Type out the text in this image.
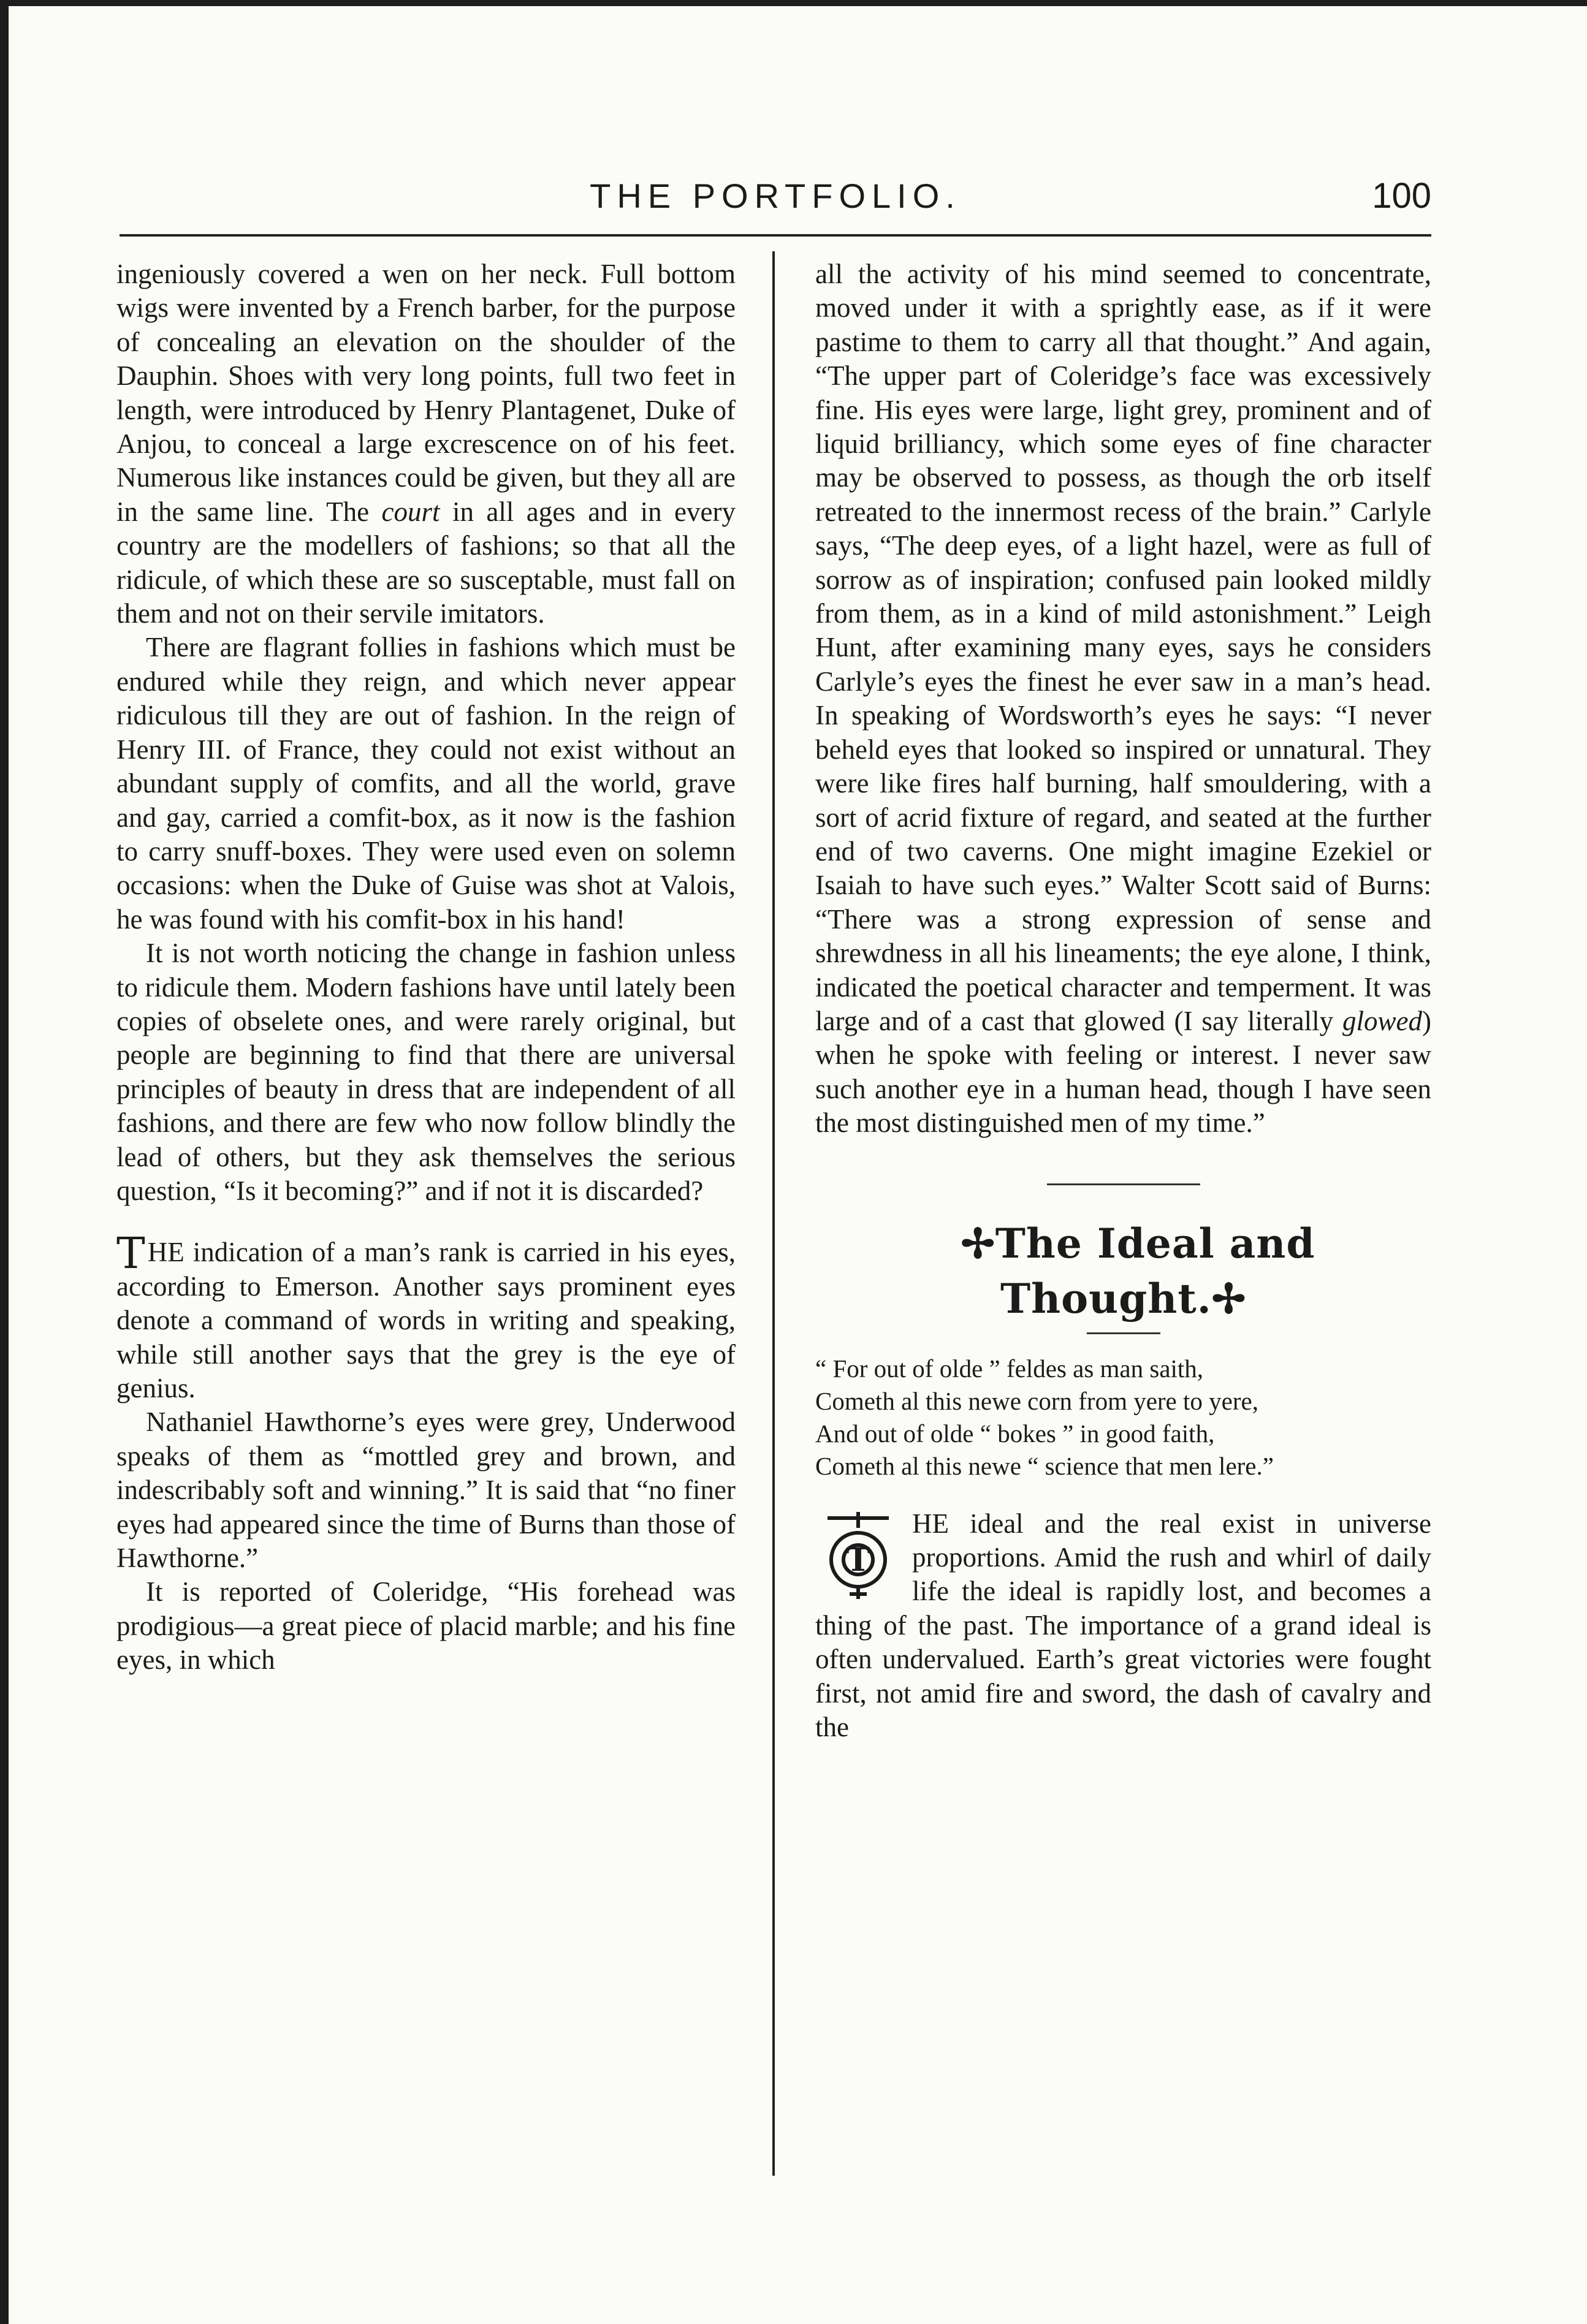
THE PORTFOLIO.	100

ingeniously covered a wen on her neck. Full bottom wigs were invented by a French barber, for the purpose of concealing an elevation on the shoulder of the Dauphin. Shoes with very long points, full two feet in length, were introduced by Henry Plantagenet, Duke of Anjou, to conceal a large excrescence on of his feet. Numerous like instances could be given, but they all are in the same line. The court in all ages and in every country are the modellers of fashions; so that all the ridicule, of which these are so susceptable, must fall on them and not on their servile imitators.

There are flagrant follies in fashions which must be endured while they reign, and which never appear ridiculous till they are out of fashion. In the reign of Henry III. of France, they could not exist without an abundant supply of comfits, and all the world, grave and gay, carried a comfit-box, as it now is the fashion to carry snuff-boxes. They were used even on solemn occasions: when the Duke of Guise was shot at Valois, he was found with his comfit-box in his hand!

It is not worth noticing the change in fashion unless to ridicule them. Modern fashions have until lately been copies of obselete ones, and were rarely original, but people are beginning to find that there are universal principles of beauty in dress that are independent of all fashions, and there are few who now follow blindly the lead of others, but they ask themselves the serious question, “Is it becoming?” and if not it is discarded?

THE indication of a man’s rank is carried in his eyes, according to Emerson. Another says prominent eyes denote a command of words in writing and speaking, while still another says that the grey is the eye of genius.

Nathaniel Hawthorne’s eyes were grey, Underwood speaks of them as “mottled grey and brown, and indescribably soft and winning.” It is said that “no finer eyes had appeared since the time of Burns than those of Hawthorne.”

It is reported of Coleridge, “His forehead was prodigious—a great piece of placid marble; and his fine eyes, in which

all the activity of his mind seemed to concentrate, moved under it with a sprightly ease, as if it were pastime to them to carry all that thought.” And again, “The upper part of Coleridge’s face was excessively fine. His eyes were large, light grey, prominent and of liquid brilliancy, which some eyes of fine character may be observed to possess, as though the orb itself retreated to the innermost recess of the brain.” Carlyle says, “The deep eyes, of a light hazel, were as full of sorrow as of inspiration; confused pain looked mildly from them, as in a kind of mild astonishment.” Leigh Hunt, after examining many eyes, says he considers Carlyle’s eyes the finest he ever saw in a man’s head. In speaking of Wordsworth’s eyes he says: “I never beheld eyes that looked so inspired or unnatural. They were like fires half burning, half smouldering, with a sort of acrid fixture of regard, and seated at the further end of two caverns. One might imagine Ezekiel or Isaiah to have such eyes.” Walter Scott said of Burns: “There was a strong expression of sense and shrewdness in all his lineaments; the eye alone, I think, indicated the poetical character and temperment. It was large and of a cast that glowed (I say literally glowed) when he spoke with feeling or interest. I never saw such another eye in a human head, though I have seen the most distinguished men of my time.”

✢The Ideal and Thought.✢

“ For out of olde ” feldes as man saith,
Cometh al this newe corn from yere to yere,
And out of olde “ bokes ” in good faith,
Cometh al this newe “ science that men lere.”

T
HE ideal and the real exist in universe proportions. Amid the rush and whirl of daily life the ideal is rapidly lost, and becomes a thing of the past. The importance of a grand ideal is often undervalued. Earth’s great victories were fought first, not amid fire and sword, the dash of cavalry and the
